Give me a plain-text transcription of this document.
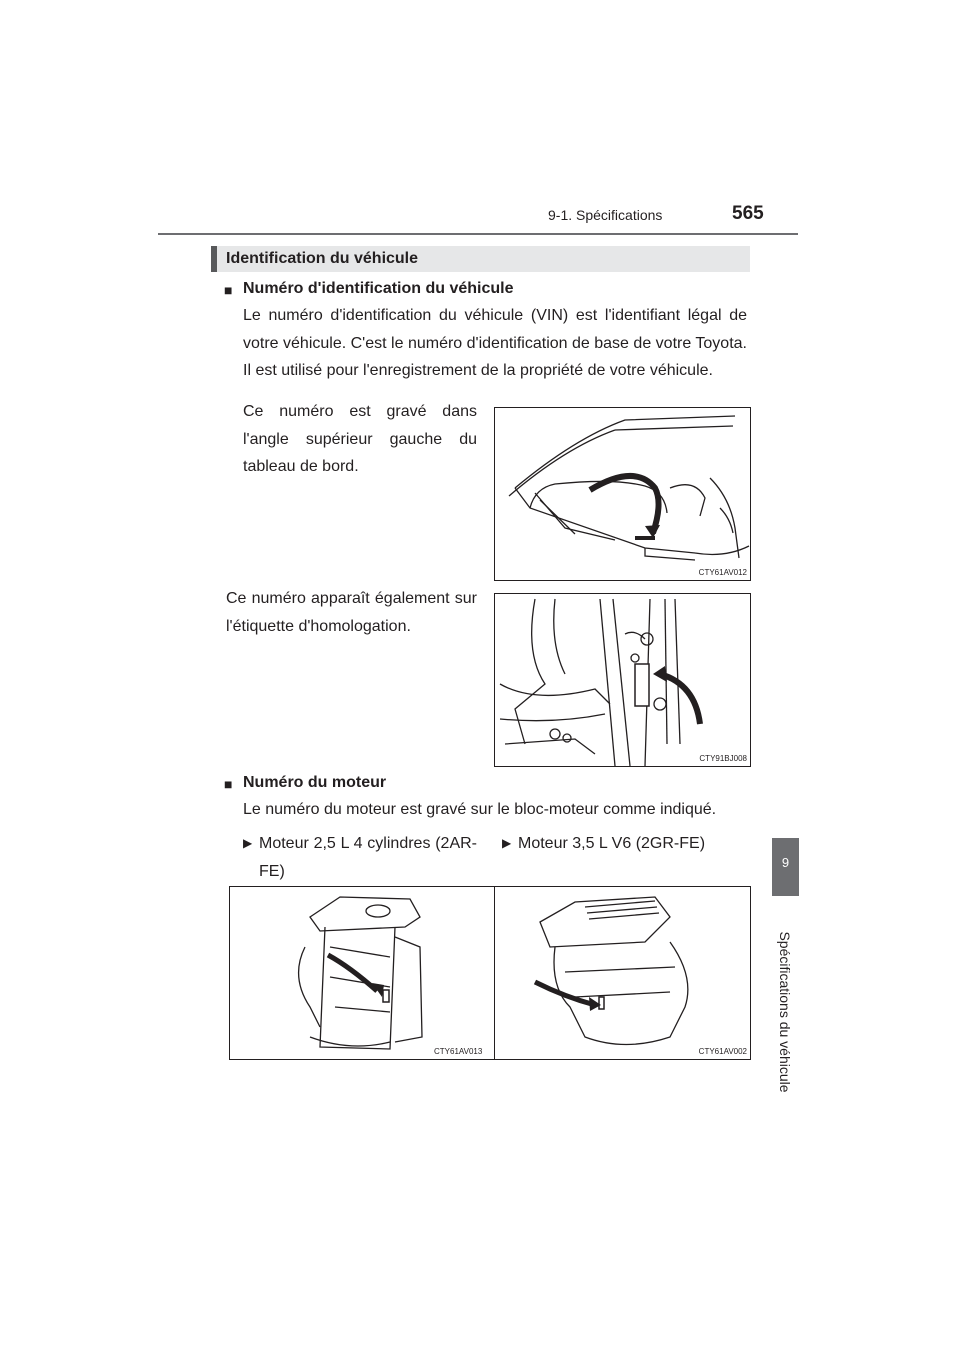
9-1. Spécifications	565
9
Spécifications du véhicule
Identification du véhicule
■ Numéro d'identification du véhicule
Le numéro d'identification du véhicule (VIN) est l'identifiant légal de votre véhicule. C'est le numéro d'identification de base de votre Toyota. Il est utilisé pour l'enregistrement de la propriété de votre véhicule.
Ce numéro est gravé dans l'angle supérieur gauche du tableau de bord.
CTY61AV012
Ce numéro apparaît également sur l'étiquette d'homologation.
CTY91BJ008
■ Numéro du moteur
Le numéro du moteur est gravé sur le bloc-moteur comme indiqué.
▶ Moteur 2,5 L 4 cylindres (2AR-FE)
▶ Moteur 3,5 L V6 (2GR-FE)
CTY61AV013	CTY61AV002
